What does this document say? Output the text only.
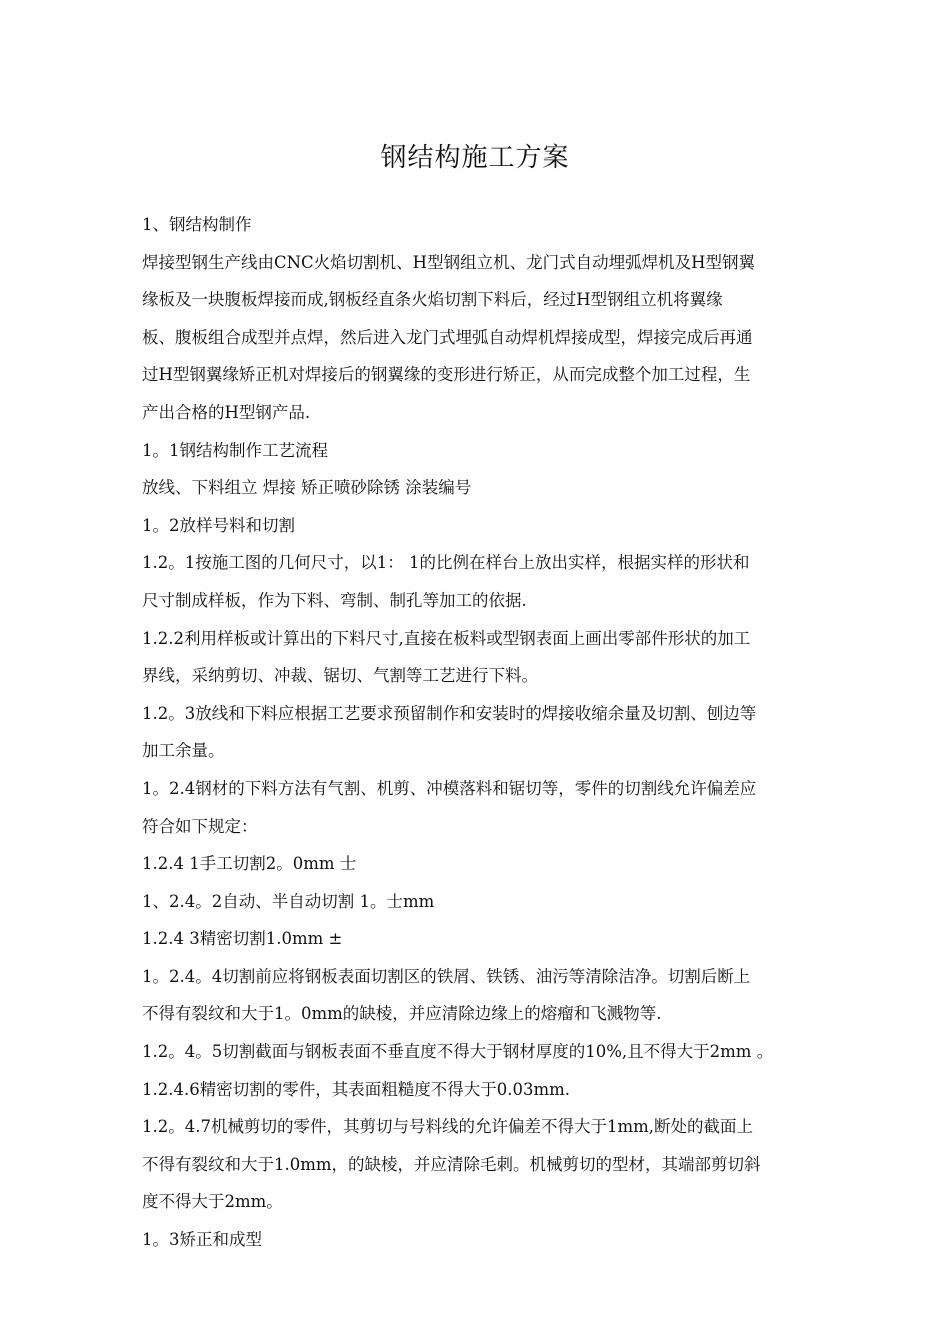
钢结构施工方案

1、钢结构制作

焊接型钢生产线由CNC火焰切割机、H型钢组立机、龙门式自动埋弧焊机及H型钢翼

缘板及一块腹板焊接而成,钢板经直条火焰切割下料后，经过H型钢组立机将翼缘

板、腹板组合成型并点焊，然后进入龙门式埋弧自动焊机焊接成型，焊接完成后再通

过H型钢翼缘矫正机对焊接后的钢翼缘的变形进行矫正，从而完成整个加工过程，生

产出合格的H型钢产品.

1。1钢结构制作工艺流程

放线、下料组立 焊接 矫正喷砂除锈 涂装编号

1。2放样号料和切割

1.2。1按施工图的几何尺寸，以1： 1的比例在样台上放出实样，根据实样的形状和

尺寸制成样板，作为下料、弯制、制孔等加工的依据.

1.2.2利用样板或计算出的下料尺寸,直接在板料或型钢表面上画出零部件形状的加工

界线，采纳剪切、冲裁、锯切、气割等工艺进行下料。

1.2。3放线和下料应根据工艺要求预留制作和安装时的焊接收缩余量及切割、刨边等

加工余量。

1。2.4钢材的下料方法有气割、机剪、冲模落料和锯切等，零件的切割线允许偏差应

符合如下规定：

1.2.4 1手工切割2。0mm 士

1、2.4。2自动、半自动切割 1。士mm

1.2.4 3精密切割1.0mm ±

1。2.4。4切割前应将钢板表面切割区的铁屑、铁锈、油污等清除洁净。切割后断上

不得有裂纹和大于1。0mm的缺棱，并应清除边缘上的熔瘤和飞溅物等.

1.2。4。5切割截面与钢板表面不垂直度不得大于钢材厚度的10%,且不得大于2mm 。

1.2.4.6精密切割的零件，其表面粗糙度不得大于0.03mm.

1.2。4.7机械剪切的零件，其剪切与号料线的允许偏差不得大于1mm,断处的截面上

不得有裂纹和大于1.0mm，的缺棱，并应清除毛刺。机械剪切的型材，其端部剪切斜

度不得大于2mm。

1。3矫正和成型
